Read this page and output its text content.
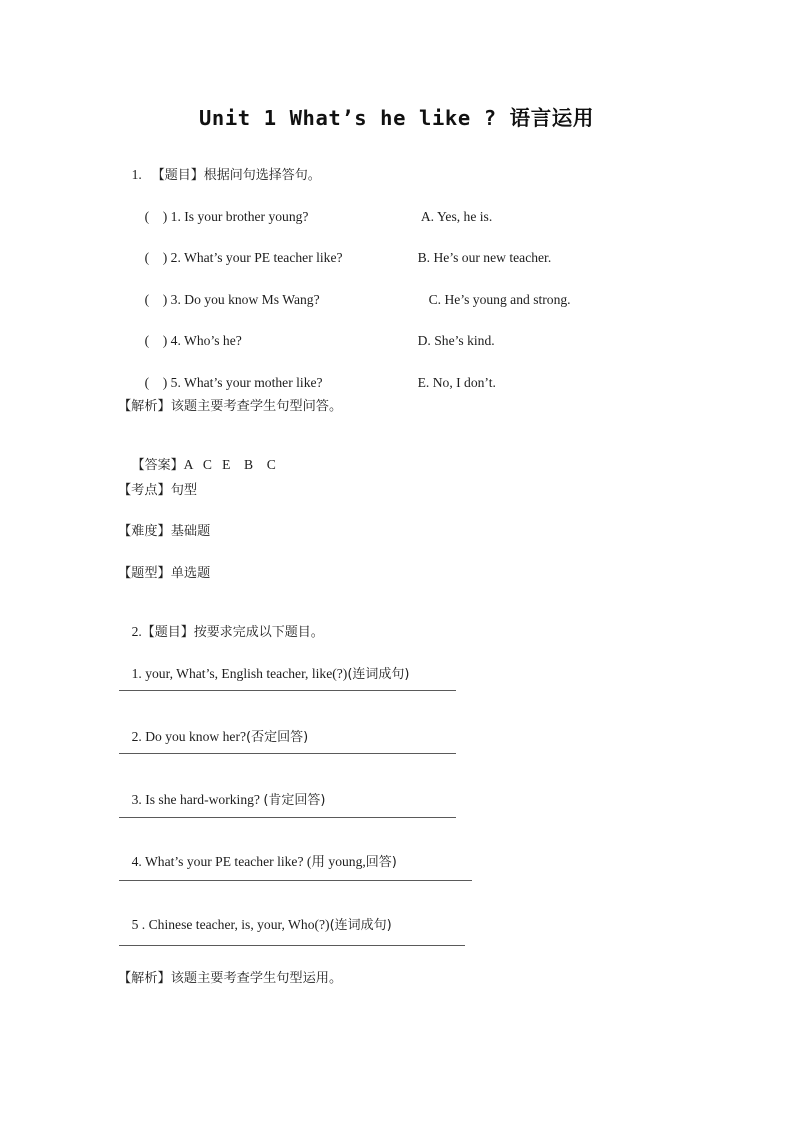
Unit 1 What’s he like ? 语言运用

1. 【题目】根据问句选择答句。

(    ) 1. Is your brother young?

(    ) 2. What’s your PE teacher like?

(    ) 3. Do you know Ms Wang?

(    ) 4. Who’s he?

(    ) 5. What’s your mother like?

A. Yes, he is.

B. He’s our new teacher.

C. He’s young and strong.

D. She’s kind.

E. No, I don’t.

【解析】该题主要考查学生句型问答。

【答案】A   C   E    B    C

【考点】句型
【难度】基础题
【题型】单选题

2.【题目】按要求完成以下题目。

1. your, What’s, English teacher, like(?)(连词成句)

2. Do you know her?(否定回答)

3. Is she hard-working? (肯定回答)

4. What’s your PE teacher like? (用 young,回答)

5 . Chinese teacher, is, your, Who(?)(连词成句)

【解析】该题主要考查学生句型运用。
